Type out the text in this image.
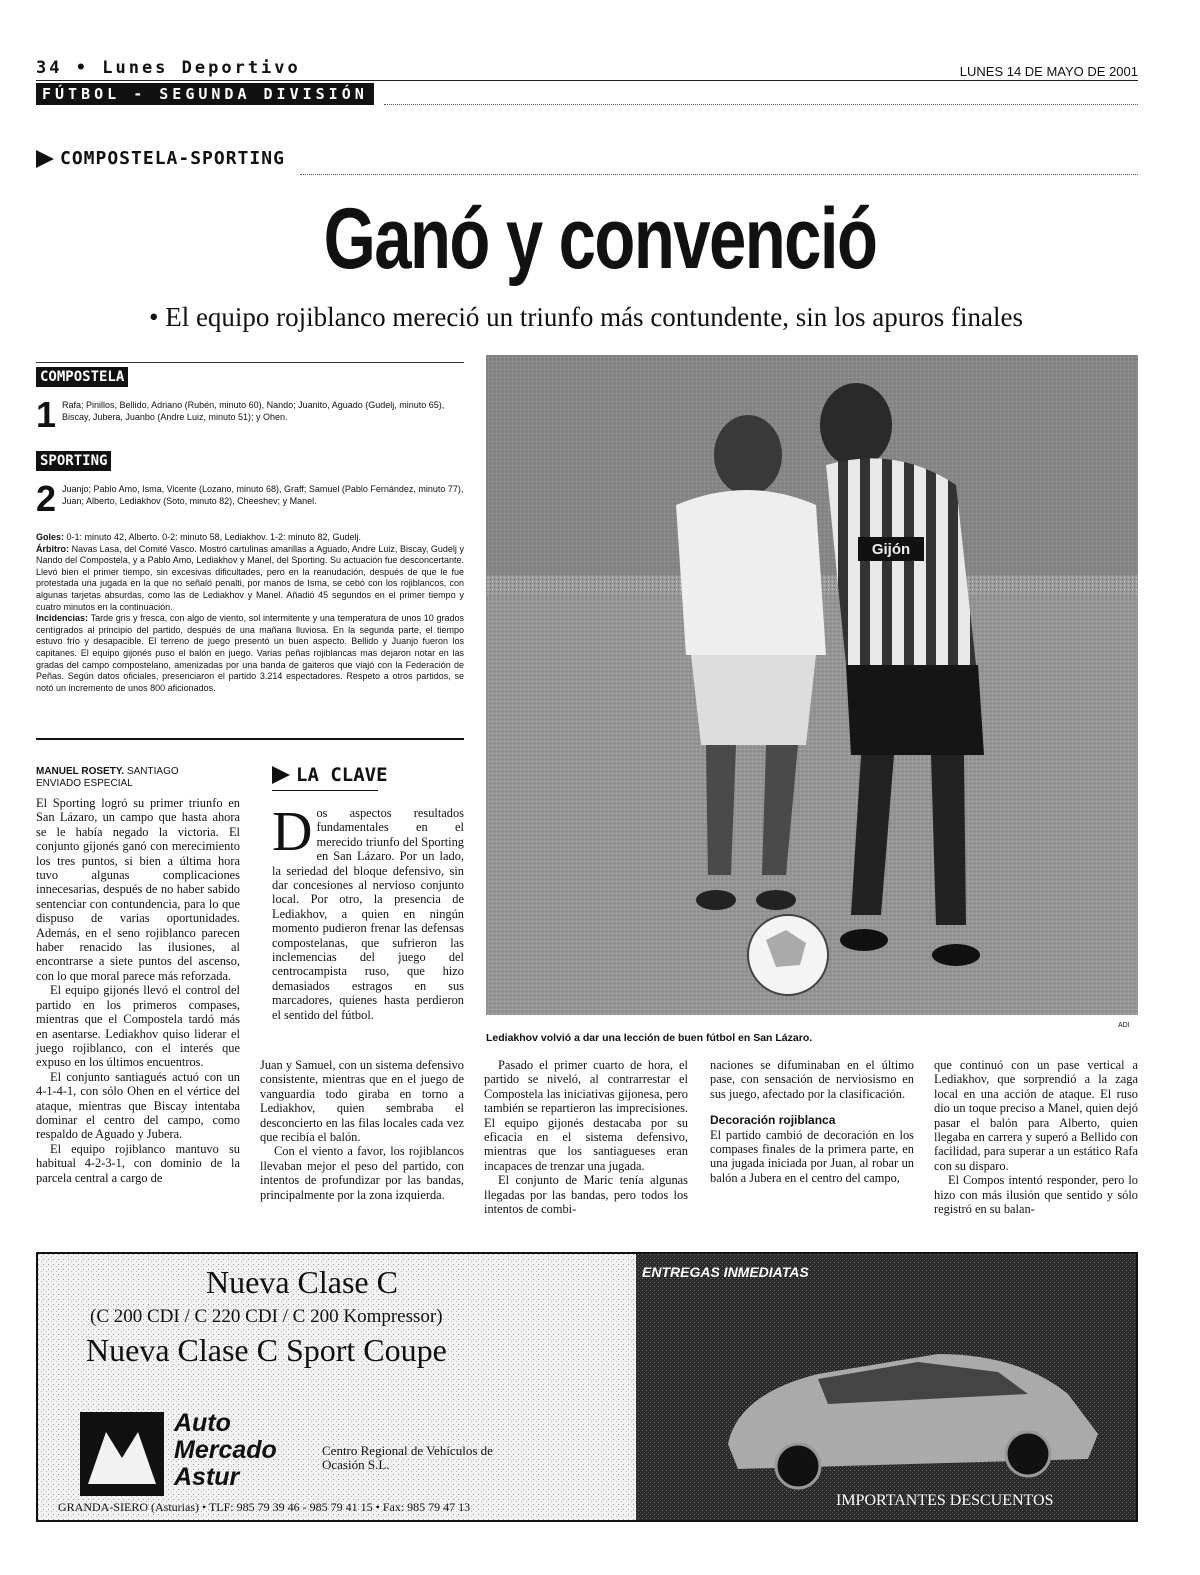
34 • Lunes Deportivo	LUNES 14 DE MAYO DE 2001
FÚTBOL - SEGUNDA DIVISIÓN
COMPOSTELA-SPORTING
Ganó y convenció
• El equipo rojiblanco mereció un triunfo más contundente, sin los apuros finales
COMPOSTELA
1 Rafa; Pinillos, Bellido, Adriano (Rubén, minuto 60), Nando; Juanito, Aguado (Gudelj, minuto 65), Biscay, Jubera, Juanbo (Andre Luiz, minuto 51); y Ohen.
SPORTING
2 Juanjo; Pablo Amo, Isma, Vicente (Lozano, minuto 68), Graff; Samuel (Pablo Fernández, minuto 77), Juan; Alberto, Lediakhov (Soto, minuto 82), Cheeshev; y Manel.
Goles: 0-1: minuto 42, Alberto. 0-2: minuto 58, Lediakhov. 1-2: minuto 82, Gudelj.
Árbitro: Navas Lasa, del Comité Vasco. Mostró cartulinas amarillas a Aguado, Andre Luiz, Biscay, Gudelj y Nando del Compostela, y a Pablo Amo, Lediakhov y Manel, del Sporting. Su actuación fue desconcertante. Llevó bien el primer tiempo, sin excesivas dificultades, pero en la reanudación, después de que le fue protestada una jugada en la que no señaló penalti, por manos de Isma, se cebó con los rojiblancos, con algunas tarjetas absurdas, como las de Lediakhov y Manel. Añadió 45 segundos en el primer tiempo y cuatro minutos en la continuación.
Incidencias: Tarde gris y fresca, con algo de viento, sol intermitente y una temperatura de unos 10 grados centígrados al principio del partido, después de una mañana lluviosa. En la segunda parte, el tiempo estuvo frío y desapacible. El terreno de juego presentó un buen aspecto. Bellido y Juanjo fueron los capitanes. El equipo gijonés puso el balón en juego. Varias peñas rojiblancas mas dejaron notar en las gradas del campo compostelano, amenizadas por una banda de gaiteros que viajó con la Federación de Peñas. Según datos oficiales, presenciaron el partido 3.214 espectadores. Respeto a otros partidos, se notó un incremento de unos 800 aficionados.
MANUEL ROSETY. SANTIAGO
ENVIADO ESPECIAL

El Sporting logró su primer triunfo en San Lázaro, un campo que hasta ahora se le había negado la victoria. El conjunto gijonés ganó con merecimiento los tres puntos, si bien a última hora tuvo algunas complicaciones innecesarias, después de no haber sabido sentenciar con contundencia, para lo que dispuso de varias oportunidades. Además, en el seno rojiblanco parecen haber renacido las ilusiones, al encontrarse a siete puntos del ascenso, con lo que moral parece más reforzada.

El equipo gijonés llevó el control del partido en los primeros compases, mientras que el Compostela tardó más en asentarse. Lediakhov quiso liderar el juego rojiblanco, con el interés que expuso en los últimos encuentros.

El conjunto santiagués actuó con un 4-1-4-1, con sólo Ohen en el vértice del ataque, mientras que Biscay intentaba dominar el centro del campo, como respaldo de Aguado y Jubera.

El equipo rojiblanco mantuvo su habitual 4-2-3-1, con dominio de la parcela central a cargo de

LA CLAVE
D os aspectos resultados fundamentales en el merecido triunfo del Sporting en San Lázaro. Por un lado, la seriedad del bloque defensivo, sin dar concesiones al nervioso conjunto local. Por otro, la presencia de Lediakhov, a quien en ningún momento pudieron frenar las defensas compostelanas, que sufrieron las inclemencias del juego del centrocampista ruso, que hizo demasiados estragos en sus marcadores, quienes hasta perdieron el sentido del fútbol.

Juan y Samuel, con un sistema defensivo consistente, mientras que en el juego de vanguardia todo giraba en torno a Lediakhov, quien sembraba el desconcierto en las filas locales cada vez que recibía el balón.

Con el viento a favor, los rojiblancos llevaban mejor el peso del partido, con intentos de profundizar por las bandas, principalmente por la zona izquierda.

Gijón
ADI
Lediakhov volvió a dar una lección de buen fútbol en San Lázaro.

Pasado el primer cuarto de hora, el partido se niveló, al contrarrestar el Compostela las iniciativas gijonesa, pero también se repartieron las imprecisiones. El equipo gijonés destacaba por su eficacia en el sistema defensivo, mientras que los santiagueses eran incapaces de trenzar una jugada.

El conjunto de Maric tenía algunas llegadas por las bandas, pero todos los intentos de combi-

naciones se difuminaban en el último pase, con sensación de nerviosismo en sus juego, afectado por la clasificación.

Decoración rojiblanca

El partido cambió de decoración en los compases finales de la primera parte, en una jugada iniciada por Juan, al robar un balón a Jubera en el centro del campo,

que continuó con un pase vertical a Lediakhov, que sorprendió a la zaga local en una acción de ataque. El ruso dio un toque preciso a Manel, quien dejó pasar el balón para Alberto, quien llegaba en carrera y superó a Bellido con facilidad, para superar a un estático Rafa con su disparo.

El Compos intentó responder, pero lo hizo con más ilusión que sentido y sólo registró en su balan-

Nueva Clase C
(C 200 CDI / C 220 CDI / C 200 Kompressor)
Nueva Clase C Sport Coupe
ENTREGAS INMEDIATAS
Auto
Mercado
Astur
Centro Regional de Vehículos de Ocasión S.L.
GRANDA-SIERO (Asturias) • TLF: 985 79 39 46 - 985 79 41 15 • Fax: 985 79 47 13	IMPORTANTES DESCUENTOS
